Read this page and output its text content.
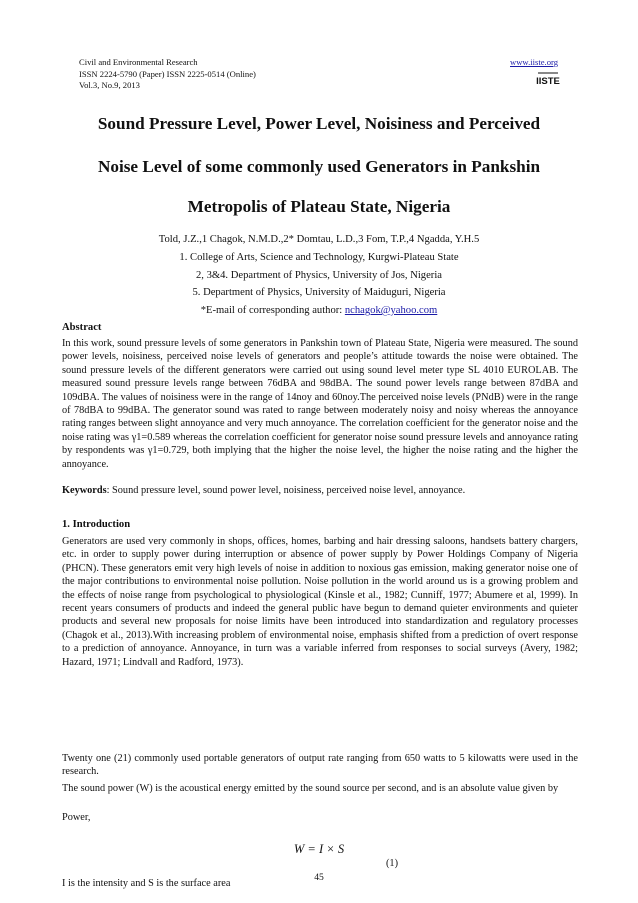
Civil and Environmental Research
ISSN 2224-5790 (Paper) ISSN 2225-0514 (Online)
Vol.3, No.9, 2013
www.iiste.org
IISTE
Sound Pressure Level, Power Level, Noisiness and Perceived
Noise Level of some commonly used Generators in Pankshin
Metropolis of Plateau State, Nigeria
Told, J.Z.,1 Chagok, N.M.D.,2* Domtau, L.D.,3 Fom, T.P.,4 Ngadda, Y.H.5
1. College of Arts, Science and Technology, Kurgwi-Plateau State
2, 3&4. Department of Physics, University of Jos, Nigeria
5. Department of Physics, University of Maiduguri, Nigeria
*E-mail of corresponding author: nchagok@yahoo.com
Abstract
In this work, sound pressure levels of some generators in Pankshin town of Plateau State, Nigeria were measured. The sound power levels, noisiness, perceived noise levels of generators and people’s attitude towards the noise were obtained. The sound pressure levels of the different generators were carried out using sound level meter type SL 4010 EUROLAB. The measured sound pressure levels range between 76dBA and 98dBA. The sound power levels range between 87dBA and 109dBA. The values of noisiness were in the range of 14noy and 60noy.The perceived noise levels (PNdB) were in the range of 78dBA to 99dBA. The generator sound was rated to range between moderately noisy and noisy whereas the annoyance rating ranges between slight annoyance and very much annoyance. The correlation coefficient for the generator noise and the noise rating was γ1=0.589 whereas the correlation coefficient for generator noise sound pressure levels and annoyance rating by respondents was γ1=0.729, both implying that the higher the noise level, the higher the noise rating and the higher the annoyance.
Keywords: Sound pressure level, sound power level, noisiness, perceived noise level, annoyance.
1. Introduction
Generators are used very commonly in shops, offices, homes, barbing and hair dressing saloons, handsets battery chargers, etc. in order to supply power during interruption or absence of power supply by Power Holdings Company of Nigeria (PHCN). These generators emit very high levels of noise in addition to noxious gas emission, making generator noise one of the major contributions to environmental noise pollution. Noise pollution in the world around us is a growing problem and the effects of noise range from psychological to physiological (Kinsle et al., 1982; Cunniff, 1977; Abumere et al, 1999). In recent years consumers of products and indeed the general public have begun to demand quieter environments and quieter products and several new proposals for noise limits have been introduced into standardization and regulatory processes (Chagok et al., 2013).With increasing problem of environmental noise, emphasis shifted from a prediction of overt response to a prediction of annoyance. Annoyance, in turn was a variable inferred from responses to social surveys (Avery, 1982; Hazard, 1971; Lindvall and Radford, 1973).
Twenty one (21) commonly used portable generators of output rate ranging from 650 watts to 5 kilowatts were used in the research.
The sound power (W) is the acoustical energy emitted by the sound source per second, and is an absolute value given by
Power,
W = I × S
(1)
I is the intensity and S is the surface area
45
